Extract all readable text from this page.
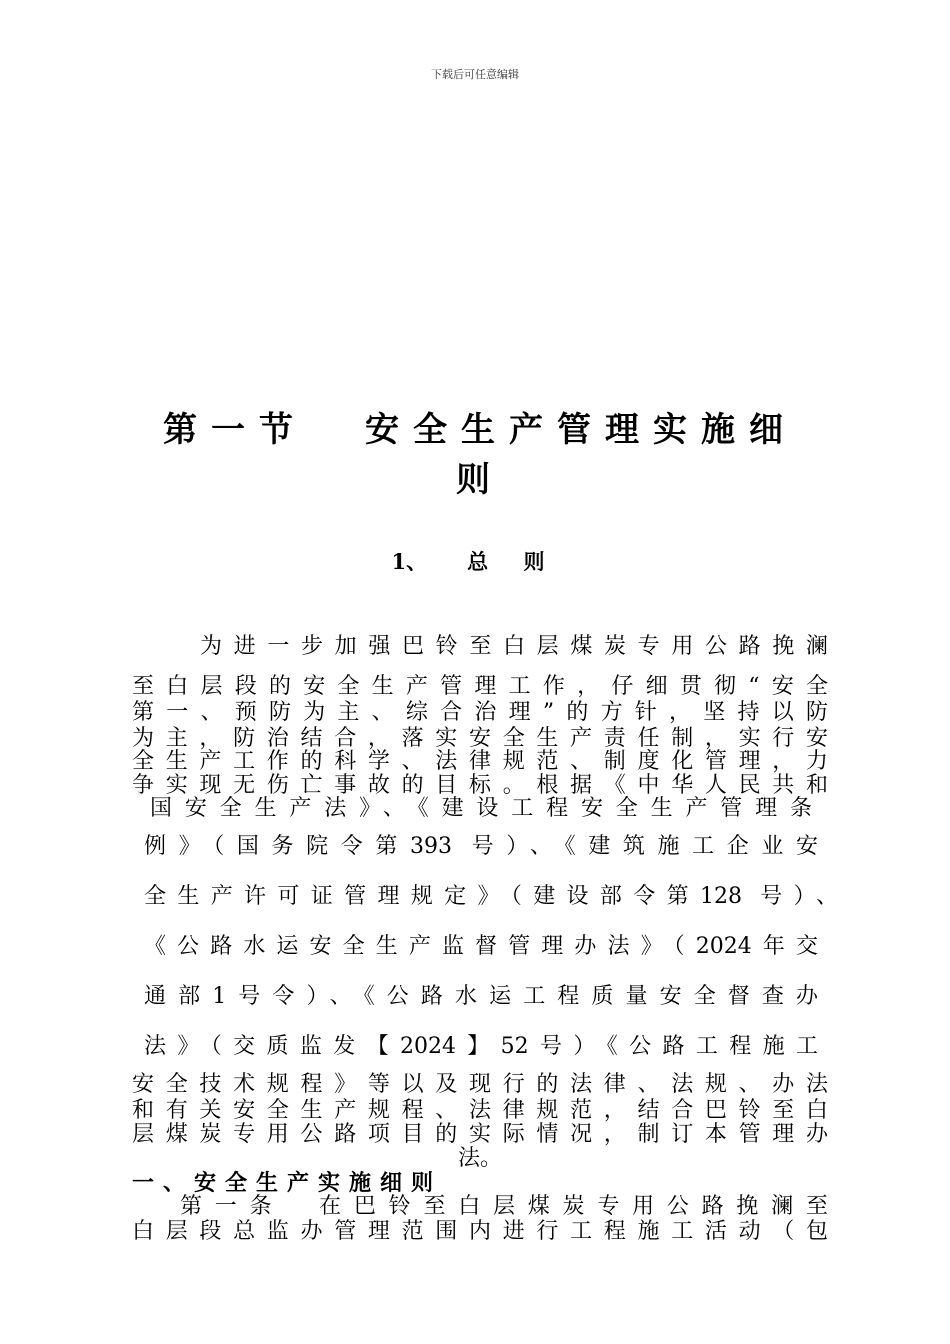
下载后可任意编辑
第一节 安全生产管理实施细
则
1、 总 则
为进一步加强巴铃至白层煤炭专用公路挽澜
至白层段的安全生产管理工作，仔细贯彻“安全
第一、预防为主、综合治理”的方针，坚持以防
为主，防治结合，落实安全生产责任制，实行安
全生产工作的科学、法律规范、制度化管理，力
争实现无伤亡事故的目标。根据《中华人民共和
国安全生产法》、《建设工程安全生产管理条
例》（国务院令第393 号）、《建筑施工企业安
全生产许可证管理规定》（建设部令第128 号）、
《公路水运安全生产监督管理办法》（2024年交
通部1号令）、《公路水运工程质量安全督查办
法》（交质监发【2024】52号）《公路工程施工
安全技术规程》等以及现行的法律、法规、办法
和有关安全生产规程、法律规范，结合巴铃至白
层煤炭专用公路项目的实际情况，制订本管理办
法。
一、安全生产实施细则
第一条　在巴铃至白层煤炭专用公路挽澜至
白层段总监办管理范围内进行工程施工活动（包
